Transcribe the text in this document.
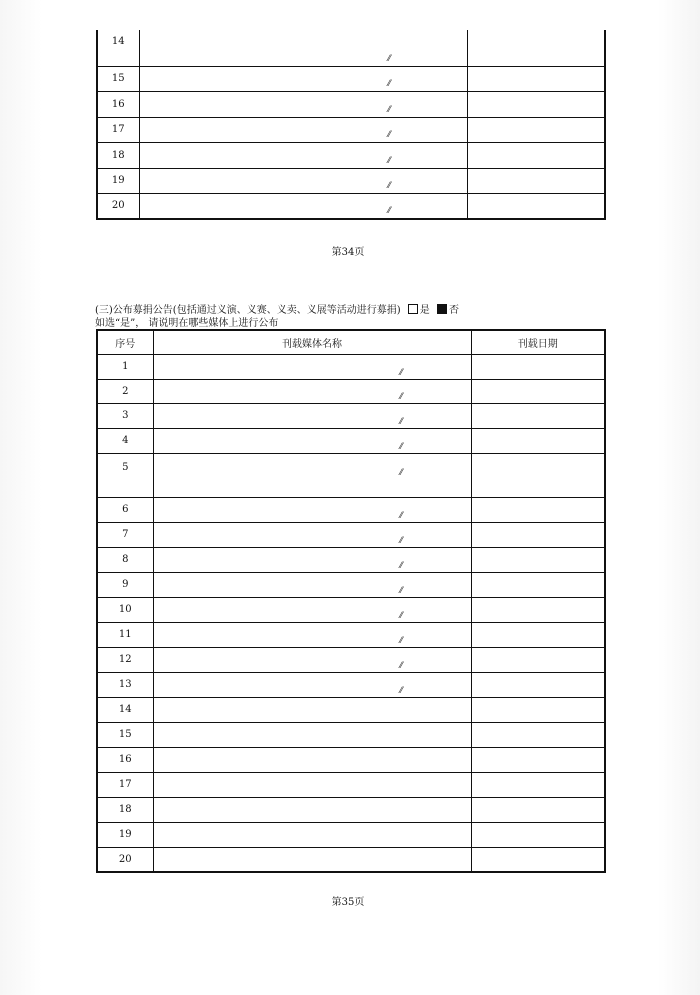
14	⁄⁄	

15	⁄⁄	

16	⁄⁄	

17	⁄⁄	

18	⁄⁄	

19	⁄⁄	

20	⁄⁄	

第34页
(三)公布募捐公告(包括通过义演、义赛、义卖、义展等活动进行募捐) 是 否
如选“是”， 请说明在哪些媒体上进行公布
序号	刊载媒体名称	刊载日期
1	⁄⁄	

2	⁄⁄	

3	⁄⁄	

4	⁄⁄	

5	⁄⁄	

6	⁄⁄	

7	⁄⁄	

8	⁄⁄	

9	⁄⁄	

10	⁄⁄	

11	⁄⁄	

12	⁄⁄	

13	⁄⁄	

14		
15		
16		
17		
18		
19		
20		
第35页
